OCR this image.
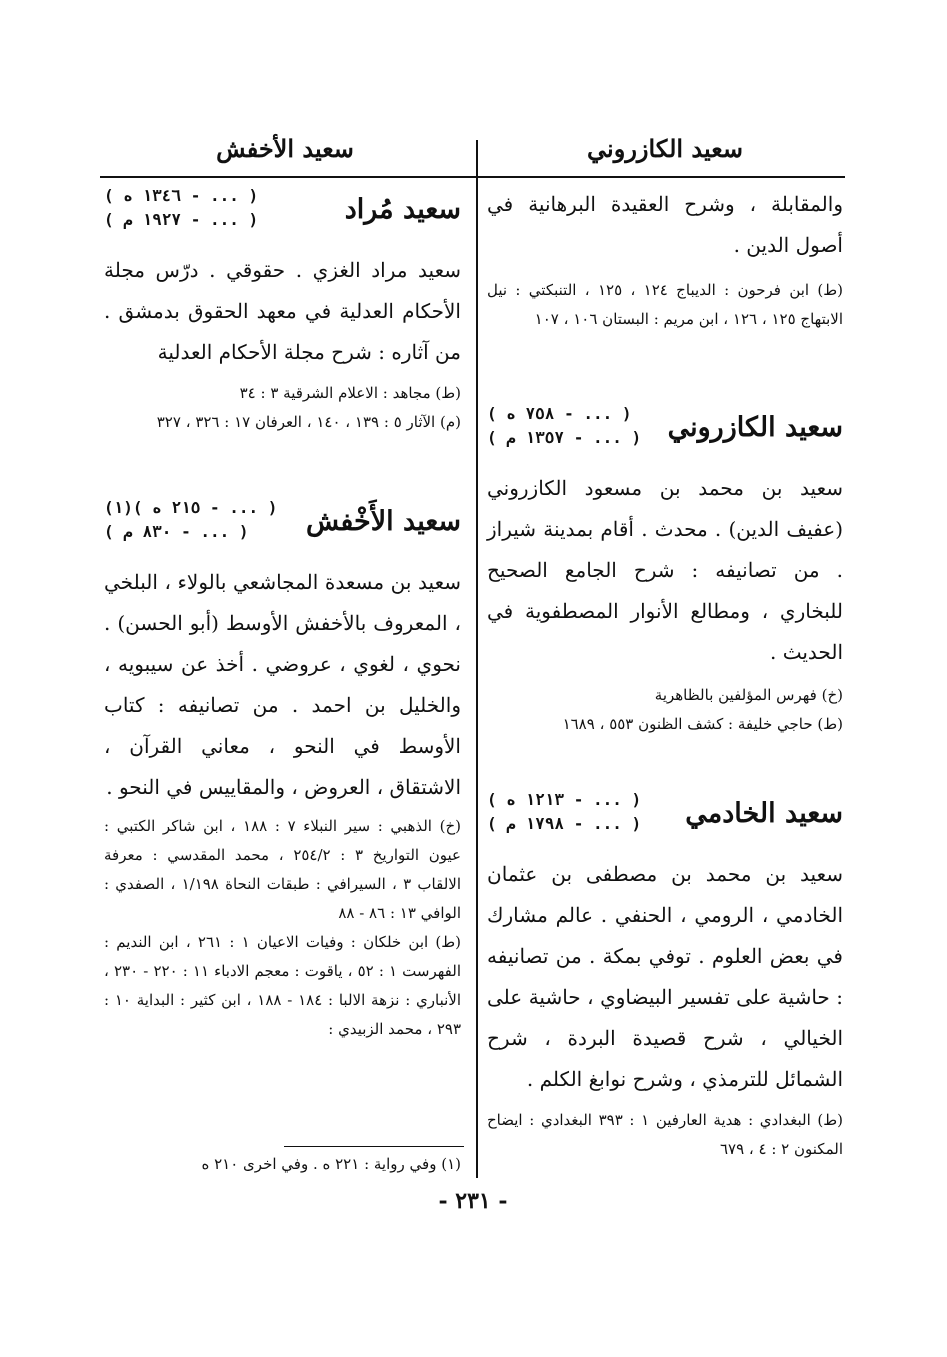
سعيد الكازروني
سعيد الأخفش

والمقابلة ، وشرح العقيدة البرهانية في أصول الدين .

(ط) ابن فرحون : الديباج ١٢٤ ، ١٢٥ ، التنبكتي : نيل الابتهاج ١٢٥ ، ١٢٦ ، ابن مريم : البستان ١٠٦ ، ١٠٧

سعيد الكازروني
( ... - ٧٥٨ ه )
( ... - ١٣٥٧ م )

سعيد بن محمد بن مسعود الكازروني (عفيف الدين) . محدث . أقام بمدينة شيراز . من تصانيفه : شرح الجامع الصحيح للبخاري ، ومطالع الأنوار المصطفوية في الحديث .

(خ) فهرس المؤلفين بالظاهرية

(ط) حاجي خليفة : كشف الظنون ٥٥٣ ، ١٦٨٩

سعيد الخادمي
( ... - ١٢١٣ ه )
( ... - ١٧٩٨ م )

سعيد بن محمد بن مصطفى بن عثمان الخادمي ، الرومي ، الحنفي . عالم مشارك في بعض العلوم . توفي بمكة . من تصانيفه : حاشية على تفسير البيضاوي ، حاشية على الخيالي ، شرح قصيدة البردة ، شرح الشمائل للترمذي ، وشرح نوابغ الكلم .

(ط) البغدادي : هدية العارفين ١ : ٣٩٣ البغدادي : ايضاح المكنون ٢ : ٤ ، ٦٧٩

سعيد مُراد
( ... - ١٣٤٦ ه )
( ... - ١٩٢٧ م )

سعيد مراد الغزي . حقوقي . درّس مجلة الأحكام العدلية في معهد الحقوق بدمشق . من آثاره : شرح مجلة الأحكام العدلية

(ط) مجاهد : الاعلام الشرقية ٣ : ٣٤

(م) الآثار ٥ : ١٣٩ ، ١٤٠ ، العرفان ١٧ : ٣٢٦ ، ٣٢٧

سعيد الأَخْفش
( ... - ٢١٥ ه )(١)
( ... - ٨٣٠ م )

سعيد بن مسعدة المجاشعي بالولاء ، البلخي ، المعروف بالأخفش الأوسط (أبو الحسن) . نحوي ، لغوي ، عروضي . أخذ عن سيبويه ، والخليل بن احمد . من تصانيفه : كتاب الأوسط في النحو ، معاني القرآن ، الاشتقاق ، العروض ، والمقاييس في النحو .

(خ) الذهبي : سير النبلاء ٧ : ١٨٨ ، ابن شاكر الكتبي : عيون التواريخ ٣ : ٢٥٤/٢ ، محمد المقدسي : معرفة الالقاب ٣ ، السيرافي : طبقات النحاة ١/١٩٨ ، الصفدي : الوافي ١٣ : ٨٦ - ٨٨

(ط) ابن خلكان : وفيات الاعيان ١ : ٢٦١ ، ابن النديم : الفهرست ١ : ٥٢ ، ياقوت : معجم الادباء ١١ : ٢٢٠ - ٢٣٠ ، الأنباري : نزهة الالبا : ١٨٤ - ١٨٨ ، ابن كثير : البداية ١٠ : ٢٩٣ ، محمد الزبيدي :

(١) وفي رواية : ٢٢١ ه . وفي اخرى ٢١٠ ه
- ٢٣١ -
